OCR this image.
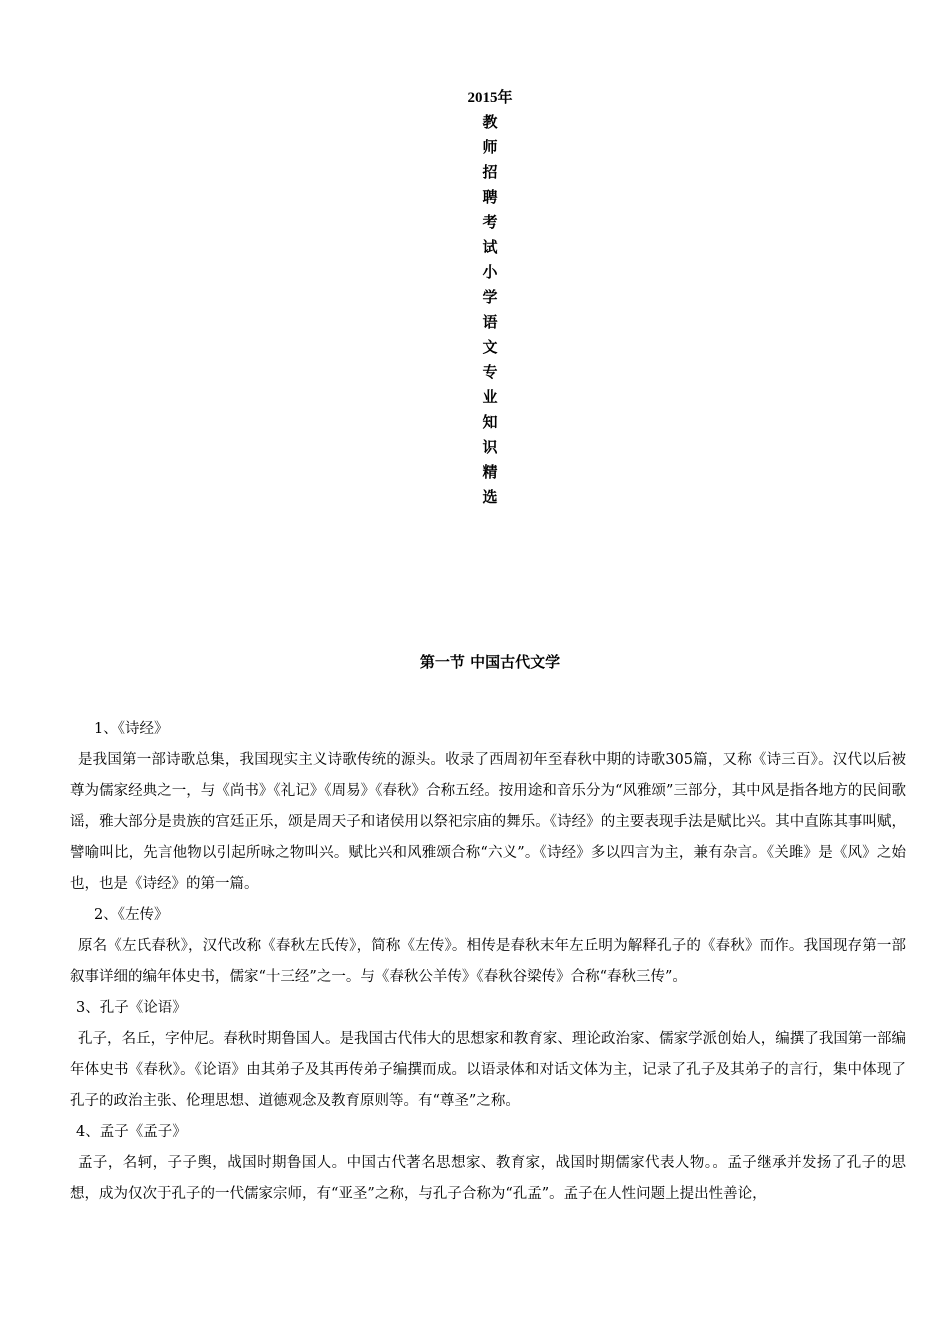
2015年
教
师
招
聘
考
试
小
学
语
文
专
业
知
识
精
选
第一节 中国古代文学

1、《诗经》

是我国第一部诗歌总集，我国现实主义诗歌传统的源头。收录了西周初年至春秋中期的诗歌305篇，又称《诗三百》。汉代以后被尊为儒家经典之一，与《尚书》《礼记》《周易》《春秋》合称五经。按用途和音乐分为“风雅颂”三部分，其中风是指各地方的民间歌谣，雅大部分是贵族的宫廷正乐，颂是周天子和诸侯用以祭祀宗庙的舞乐。《诗经》的主要表现手法是赋比兴。其中直陈其事叫赋，譬喻叫比，先言他物以引起所咏之物叫兴。赋比兴和风雅颂合称“六义”。《诗经》多以四言为主，兼有杂言。《关雎》是《风》之始也，也是《诗经》的第一篇。

2、《左传》

原名《左氏春秋》，汉代改称《春秋左氏传》，简称《左传》。相传是春秋末年左丘明为解释孔子的《春秋》而作。我国现存第一部叙事详细的编年体史书，儒家“十三经”之一。与《春秋公羊传》《春秋谷梁传》合称“春秋三传”。

3、孔子《论语》

孔子，名丘，字仲尼。春秋时期鲁国人。是我国古代伟大的思想家和教育家、理论政治家、儒家学派创始人，编撰了我国第一部编年体史书《春秋》。《论语》由其弟子及其再传弟子编撰而成。以语录体和对话文体为主，记录了孔子及其弟子的言行，集中体现了孔子的政治主张、伦理思想、道德观念及教育原则等。有“尊圣”之称。

4、孟子《孟子》

孟子，名轲，子子舆，战国时期鲁国人。中国古代著名思想家、教育家，战国时期儒家代表人物。。孟子继承并发扬了孔子的思想，成为仅次于孔子的一代儒家宗师，有“亚圣”之称，与孔子合称为“孔孟”。孟子在人性问题上提出性善论，
